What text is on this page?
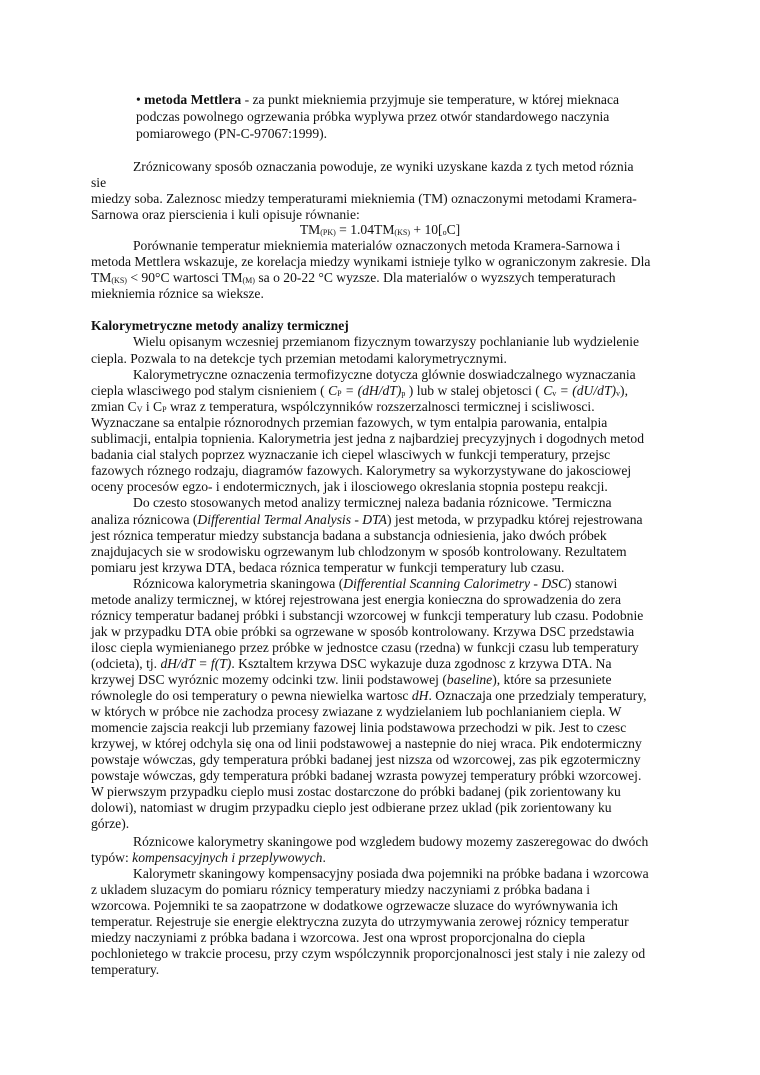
• metoda Mettlera - za punkt miekniemia przyjmuje sie temperature, w której mieknaca
podczas powolnego ogrzewania próbka wyplywa przez otwór standardowego naczynia
pomiarowego (PN-C-97067:1999).
Zróznicowany sposób oznaczania powoduje, ze wyniki uzyskane kazda z tych metod róznia
sie
miedzy soba. Zaleznosc miedzy temperaturami miekniemia (TM) oznaczonymi metodami Kramera-
Sarnowa oraz pierscienia i kuli opisuje równanie:
$TM_{(PK)} = 1.04TM_{(KS)} + 10[_oC]$
Porównanie temperatur miekniemia materialów oznaczonych metoda Kramera-Sarnowa i
metoda Mettlera wskazuje, ze korelacja miedzy wynikami istnieje tylko w ograniczonym zakresie. Dla
$TM_{(KS)} < 90^\circ C$ wartosci $TM_{(M)}$ sa o 20-22 °C wyzsze. Dla materialów o wyzszych temperaturach
miekniemia róznice sa wieksze.
Kalorymetryczne metody analizy termicznej
Wielu opisanym wczesniej przemianom fizycznym towarzyszy pochlanianie lub wydzielenie
ciepla. Pozwala to na detekcje tych przemian metodami kalorymetrycznymi.
Kalorymetryczne oznaczenia termofizyczne dotycza glównie doswiadczalnego wyznaczania
ciepla wlasciwego pod stalym cisnieniem ( $C_P = (dH/dT)_p$ ) lub w stalej objetosci ( $C_v = (dU/dT)_v$),
zmian $C_V$ i $C_P$ wraz z temperatura, wspólczynników rozszerzalnosci termicznej i scisliwosci.
Wyznaczane sa entalpie róznorodnych przemian fazowych, w tym entalpia parowania, entalpia
sublimacji, entalpia topnienia. Kalorymetria jest jedna z najbardziej precyzyjnych i dogodnych metod
badania cial stalych poprzez wyznaczanie ich ciepel wlasciwych w funkcji temperatury, przejsc
fazowych róznego rodzaju, diagramów fazowych. Kalorymetry sa wykorzystywane do jakosciowej
oceny procesów egzo- i endotermicznych, jak i ilosciowego okreslania stopnia postepu reakcji.
Do czesto stosowanych metod analizy termicznej naleza badania róznicowe. 'Termiczna
analiza róznicowa (Differential Termal Analysis - DTA) jest metoda, w przypadku której rejestrowana
jest róznica temperatur miedzy substancja badana a substancja odniesienia, jako dwóch próbek
znajdujacych sie w srodowisku ogrzewanym lub chlodzonym w sposób kontrolowany. Rezultatem
pomiaru jest krzywa DTA, bedaca róznica temperatur w funkcji temperatury lub czasu.
Róznicowa kalorymetria skaningowa (Differential Scanning Calorimetry - DSC) stanowi
metode analizy termicznej, w której rejestrowana jest energia konieczna do sprowadzenia do zera
róznicy temperatur badanej próbki i substancji wzorcowej w funkcji temperatury lub czasu. Podobnie
jak w przypadku DTA obie próbki sa ogrzewane w sposób kontrolowany. Krzywa DSC przedstawia
ilosc ciepla wymienianego przez próbke w jednostce czasu (rzedna) w funkcji czasu lub temperatury
(odcieta), tj. dH/dT = f(T). Ksztaltem krzywa DSC wykazuje duza zgodnosc z krzywa DTA. Na
krzywej DSC wyróznic mozemy odcinki tzw. linii podstawowej (baseline), które sa przesuniete
równolegle do osi temperatury o pewna niewielka wartosc dH. Oznaczaja one przedzialy temperatury,
w których w próbce nie zachodza procesy zwiazane z wydzielaniem lub pochlanianiem ciepla. W
momencie zajscia reakcji lub przemiany fazowej linia podstawowa przechodzi w pik. Jest to czesc
krzywej, w której odchyla się ona od linii podstawowej a nastepnie do niej wraca. Pik endotermiczny
powstaje wówczas, gdy temperatura próbki badanej jest nizsza od wzorcowej, zas pik egzotermiczny
powstaje wówczas, gdy temperatura próbki badanej wzrasta powyzej temperatury próbki wzorcowej.
W pierwszym przypadku cieplo musi zostac dostarczone do próbki badanej (pik zorientowany ku
dolowi), natomiast w drugim przypadku cieplo jest odbierane przez uklad (pik zorientowany ku
górze).
Róznicowe kalorymetry skaningowe pod wzgledem budowy mozemy zaszeregowac do dwóch
typów: kompensacyjnych i przeplywowych.
Kalorymetr skaningowy kompensacyjny posiada dwa pojemniki na próbke badana i wzorcowa
z ukladem sluzacym do pomiaru róznicy temperatury miedzy naczyniami z próbka badana i
wzorcowa. Pojemniki te sa zaopatrzone w dodatkowe ogrzewacze sluzace do wyrównywania ich
temperatur. Rejestruje sie energie elektryczna zuzyta do utrzymywania zerowej róznicy temperatur
miedzy naczyniami z próbka badana i wzorcowa. Jest ona wprost proporcjonalna do ciepla
pochlonietego w trakcie procesu, przy czym wspólczynnik proporcjonalnosci jest staly i nie zalezy od
temperatury.
